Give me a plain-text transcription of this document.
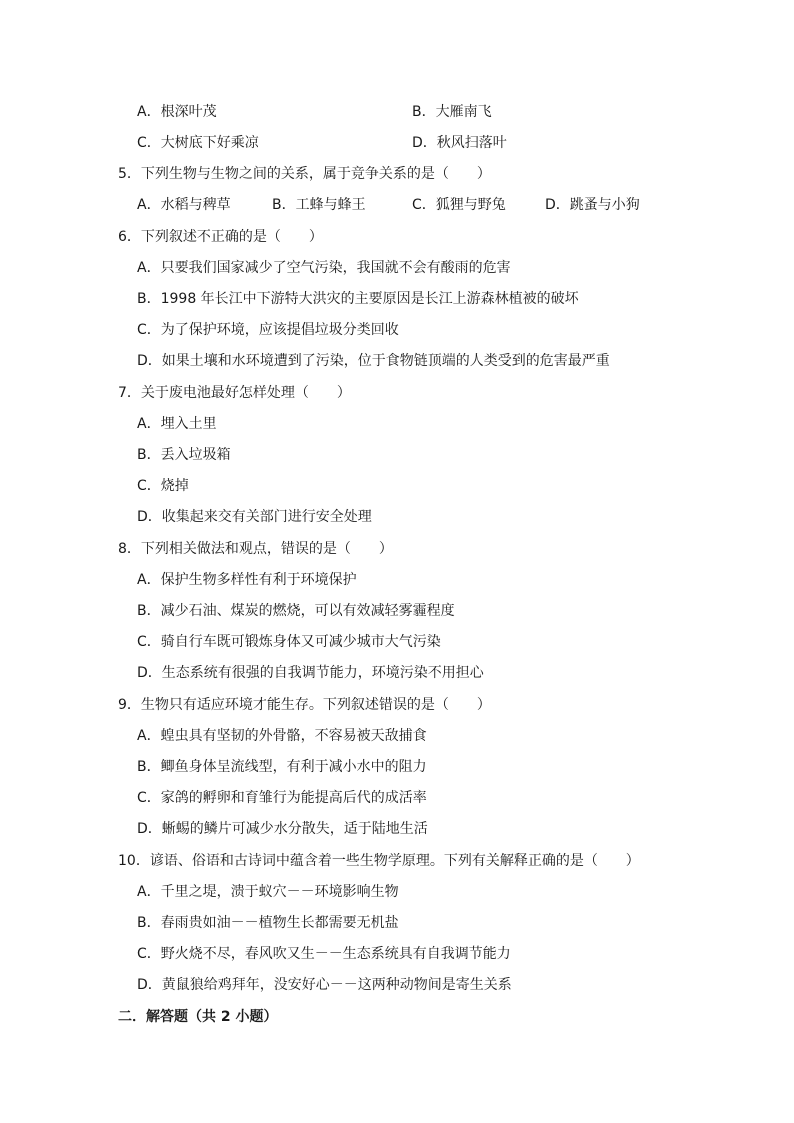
A．根深叶茂	B．大雁南飞
C．大树底下好乘凉	D．秋风扫落叶
5．下列生物与生物之间的关系，属于竞争关系的是（　　）
A．水稻与稗草	B．工蜂与蜂王	C．狐狸与野兔	D．跳蚤与小狗
6．下列叙述不正确的是（　　）
A．只要我们国家减少了空气污染，我国就不会有酸雨的危害
B．1998 年长江中下游特大洪灾的主要原因是长江上游森林植被的破坏
C．为了保护环境，应该提倡垃圾分类回收
D．如果土壤和水环境遭到了污染，位于食物链顶端的人类受到的危害最严重
7．关于废电池最好怎样处理（　　）
A．埋入土里
B．丢入垃圾箱
C．烧掉
D．收集起来交有关部门进行安全处理
8．下列相关做法和观点，错误的是（　　）
A．保护生物多样性有利于环境保护
B．减少石油、煤炭的燃烧，可以有效减轻雾霾程度
C．骑自行车既可锻炼身体又可减少城市大气污染
D．生态系统有很强的自我调节能力，环境污染不用担心
9．生物只有适应环境才能生存。下列叙述错误的是（　　）
A．蝗虫具有坚韧的外骨骼，不容易被天敌捕食
B．鲫鱼身体呈流线型，有利于减小水中的阻力
C．家鸽的孵卵和育雏行为能提高后代的成活率
D．蜥蜴的鳞片可减少水分散失，适于陆地生活
10．谚语、俗语和古诗词中蕴含着一些生物学原理。下列有关解释正确的是（　　）
A．千里之堤，溃于蚁穴－－环境影响生物
B．春雨贵如油－－植物生长都需要无机盐
C．野火烧不尽，春风吹又生－－生态系统具有自我调节能力
D．黄鼠狼给鸡拜年，没安好心－－这两种动物间是寄生关系
二．解答题（共 2 小题）
